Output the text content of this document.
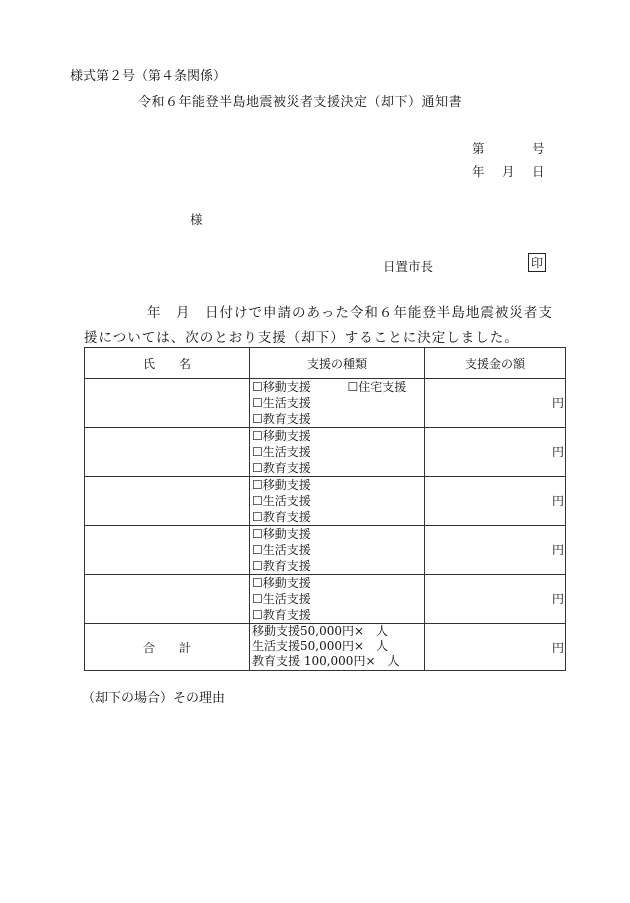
様式第２号（第４条関係）
令和６年能登半島地震被災者支援決定（却下）通知書
第	号
年 月 日
様
日置市長	印
年　月　日付けで申請のあった令和６年能登半島地震被災者支
援については、次のとおり支援（却下）することに決定しました。
氏　　名	支援の種類		支援金の額

	☐移動支援
☐生活支援
☐教育支援	☐住宅支援	円

	☐移動支援
☐生活支援
☐教育支援		円

	☐移動支援
☐生活支援
☐教育支援		円

	☐移動支援
☐生活支援
☐教育支援		円

	☐移動支援
☐生活支援
☐教育支援		円

合計	移動支援50,000円×　人
生活支援50,000円×　人
教育支援 100,000円×　人		円
（却下の場合）その理由
